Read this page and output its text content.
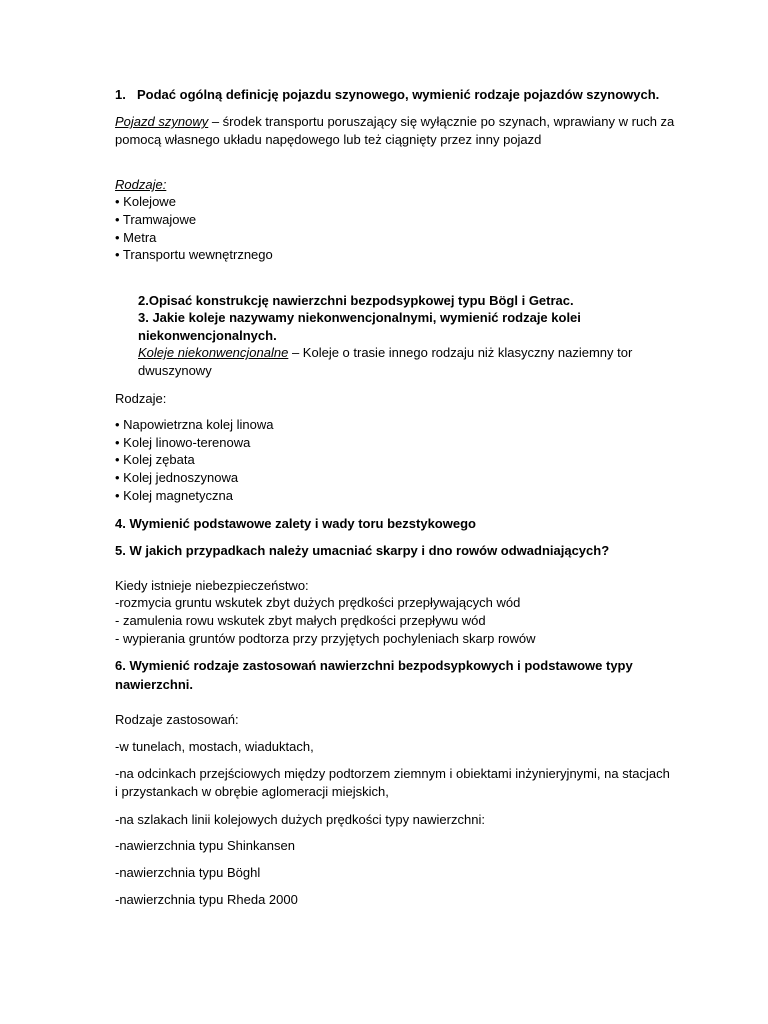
1. Podać ogólną definicję pojazdu szynowego, wymienić rodzaje pojazdów szynowych.
Pojazd szynowy – środek transportu poruszający się wyłącznie po szynach, wprawiany w ruch za
pomocą własnego układu napędowego lub też ciągnięty przez inny pojazd
Rodzaje:
• Kolejowe
• Tramwajowe
• Metra
• Transportu wewnętrznego
2.Opisać konstrukcję nawierzchni bezpodsypkowej typu Bögl i Getrac.
3. Jakie koleje nazywamy niekonwencjonalnymi, wymienić rodzaje kolei
niekonwencjonalnych.
Koleje niekonwencjonalne – Koleje o trasie innego rodzaju niż klasyczny naziemny tor
dwuszynowy
Rodzaje:
• Napowietrzna kolej linowa
• Kolej linowo-terenowa
• Kolej zębata
• Kolej jednoszynowa
• Kolej magnetyczna
4. Wymienić podstawowe zalety i wady toru bezstykowego
5. W jakich przypadkach należy umacniać skarpy i dno rowów odwadniających?
Kiedy istnieje niebezpieczeństwo:
-rozmycia gruntu wskutek zbyt dużych prędkości przepływających wód
- zamulenia rowu wskutek zbyt małych prędkości przepływu wód
- wypierania gruntów podtorza przy przyjętych pochyleniach skarp rowów
6. Wymienić rodzaje zastosowań nawierzchni bezpodsypkowych i podstawowe typy
nawierzchni.
Rodzaje zastosowań:
-w tunelach, mostach, wiaduktach,
-na odcinkach przejściowych między podtorzem ziemnym i obiektami inżynieryjnymi, na stacjach
i przystankach w obrębie aglomeracji miejskich,
-na szlakach linii kolejowych dużych prędkości typy nawierzchni:
-nawierzchnia typu Shinkansen
-nawierzchnia typu Böghl
-nawierzchnia typu Rheda 2000
